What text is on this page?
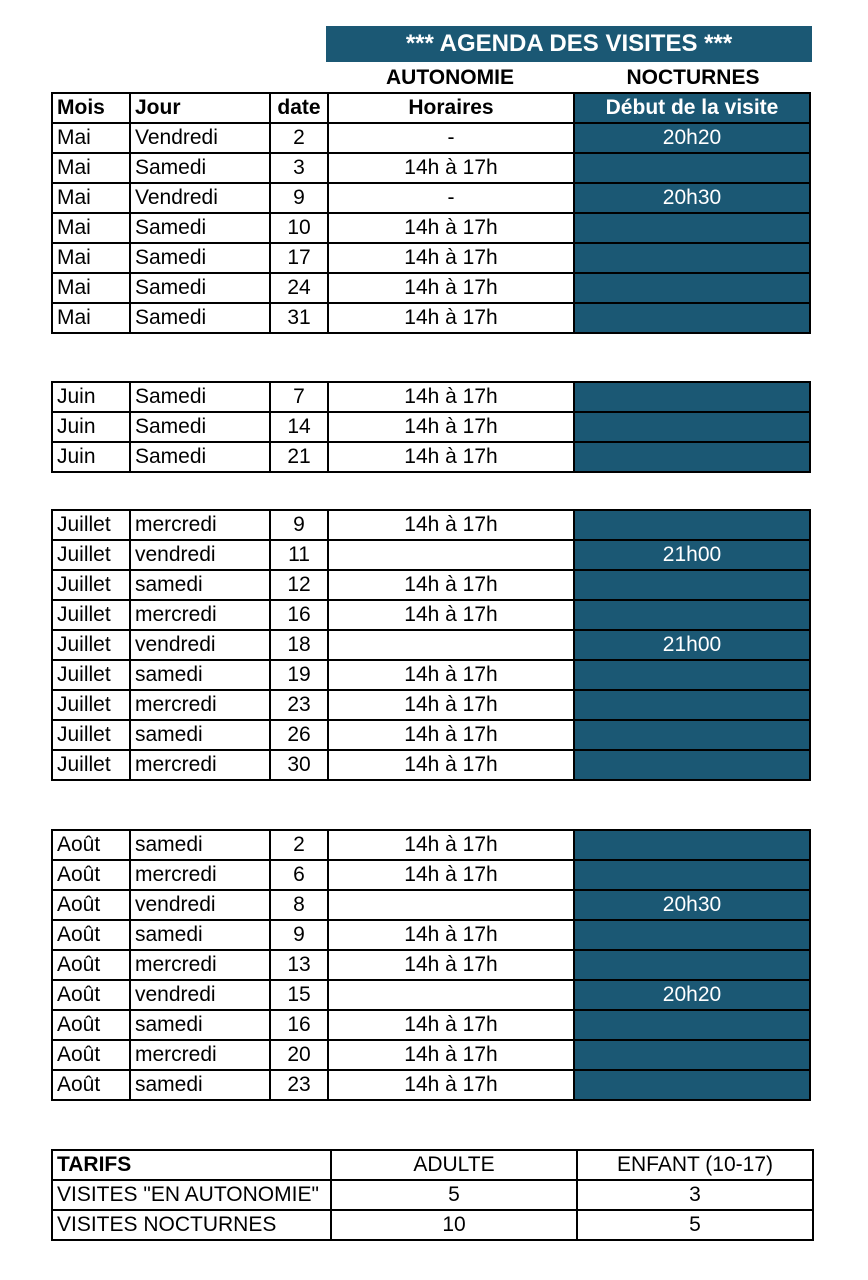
*** AGENDA DES VISITES ***
AUTONOMIE	NOCTURNES
Mois	Jour	date	Horaires	Début de la visite
Mai	Vendredi	2	-	20h20
Mai	Samedi	3	14h à 17h	
Mai	Vendredi	9	-	20h30
Mai	Samedi	10	14h à 17h	
Mai	Samedi	17	14h à 17h	
Mai	Samedi	24	14h à 17h	
Mai	Samedi	31	14h à 17h	
Juin	Samedi	7	14h à 17h	
Juin	Samedi	14	14h à 17h	
Juin	Samedi	21	14h à 17h	
Juillet	mercredi	9	14h à 17h	
Juillet	vendredi	11		21h00
Juillet	samedi	12	14h à 17h	
Juillet	mercredi	16	14h à 17h	
Juillet	vendredi	18		21h00
Juillet	samedi	19	14h à 17h	
Juillet	mercredi	23	14h à 17h	
Juillet	samedi	26	14h à 17h	
Juillet	mercredi	30	14h à 17h	
Août	samedi	2	14h à 17h	
Août	mercredi	6	14h à 17h	
Août	vendredi	8		20h30
Août	samedi	9	14h à 17h	
Août	mercredi	13	14h à 17h	
Août	vendredi	15		20h20
Août	samedi	16	14h à 17h	
Août	mercredi	20	14h à 17h	
Août	samedi	23	14h à 17h	
TARIFS	ADULTE	ENFANT (10-17)
VISITES "EN AUTONOMIE"	5	3
VISITES NOCTURNES	10	5
